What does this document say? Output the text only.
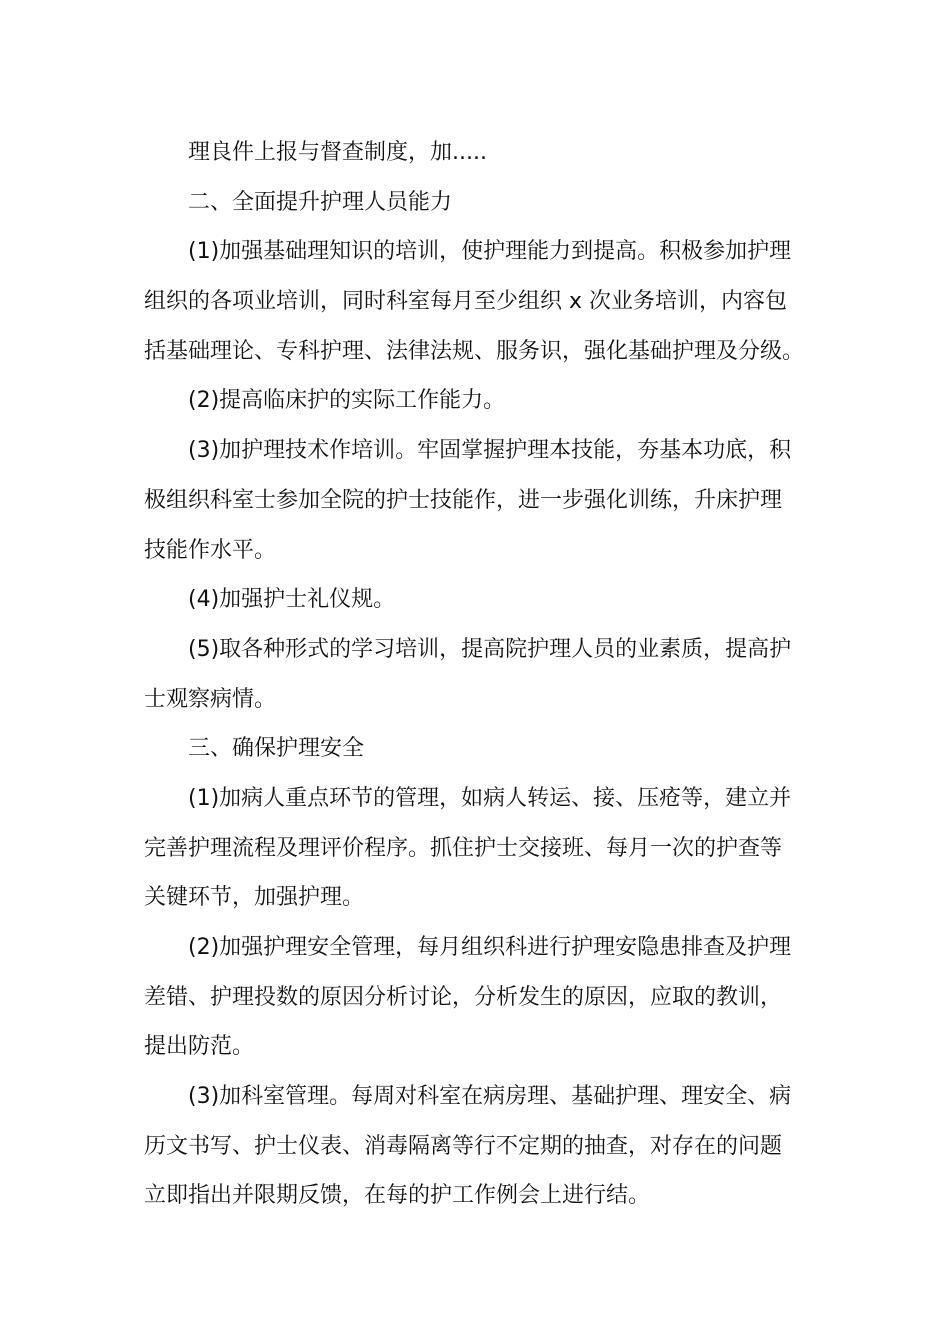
理良件上报与督查制度，加.....
二、全面提升护理人员能力
(1)加强基础理知识的培训，使护理能力到提高。积极参加护理
组织的各项业培训，同时科室每月至少组织 x 次业务培训，内容包
括基础理论、专科护理、法律法规、服务识，强化基础护理及分级。
(2)提高临床护的实际工作能力。
(3)加护理技术作培训。牢固掌握护理本技能，夯基本功底，积
极组织科室士参加全院的护士技能作，进一步强化训练，升床护理
技能作水平。
(4)加强护士礼仪规。
(5)取各种形式的学习培训，提高院护理人员的业素质，提高护
士观察病情。
三、确保护理安全
(1)加病人重点环节的管理，如病人转运、接、压疮等，建立并
完善护理流程及理评价程序。抓住护士交接班、每月一次的护查等
关键环节，加强护理。
(2)加强护理安全管理，每月组织科进行护理安隐患排查及护理
差错、护理投数的原因分析讨论，分析发生的原因，应取的教训，
提出防范。
(3)加科室管理。每周对科室在病房理、基础护理、理安全、病
历文书写、护士仪表、消毒隔离等行不定期的抽查，对存在的问题
立即指出并限期反馈，在每的护工作例会上进行结。
